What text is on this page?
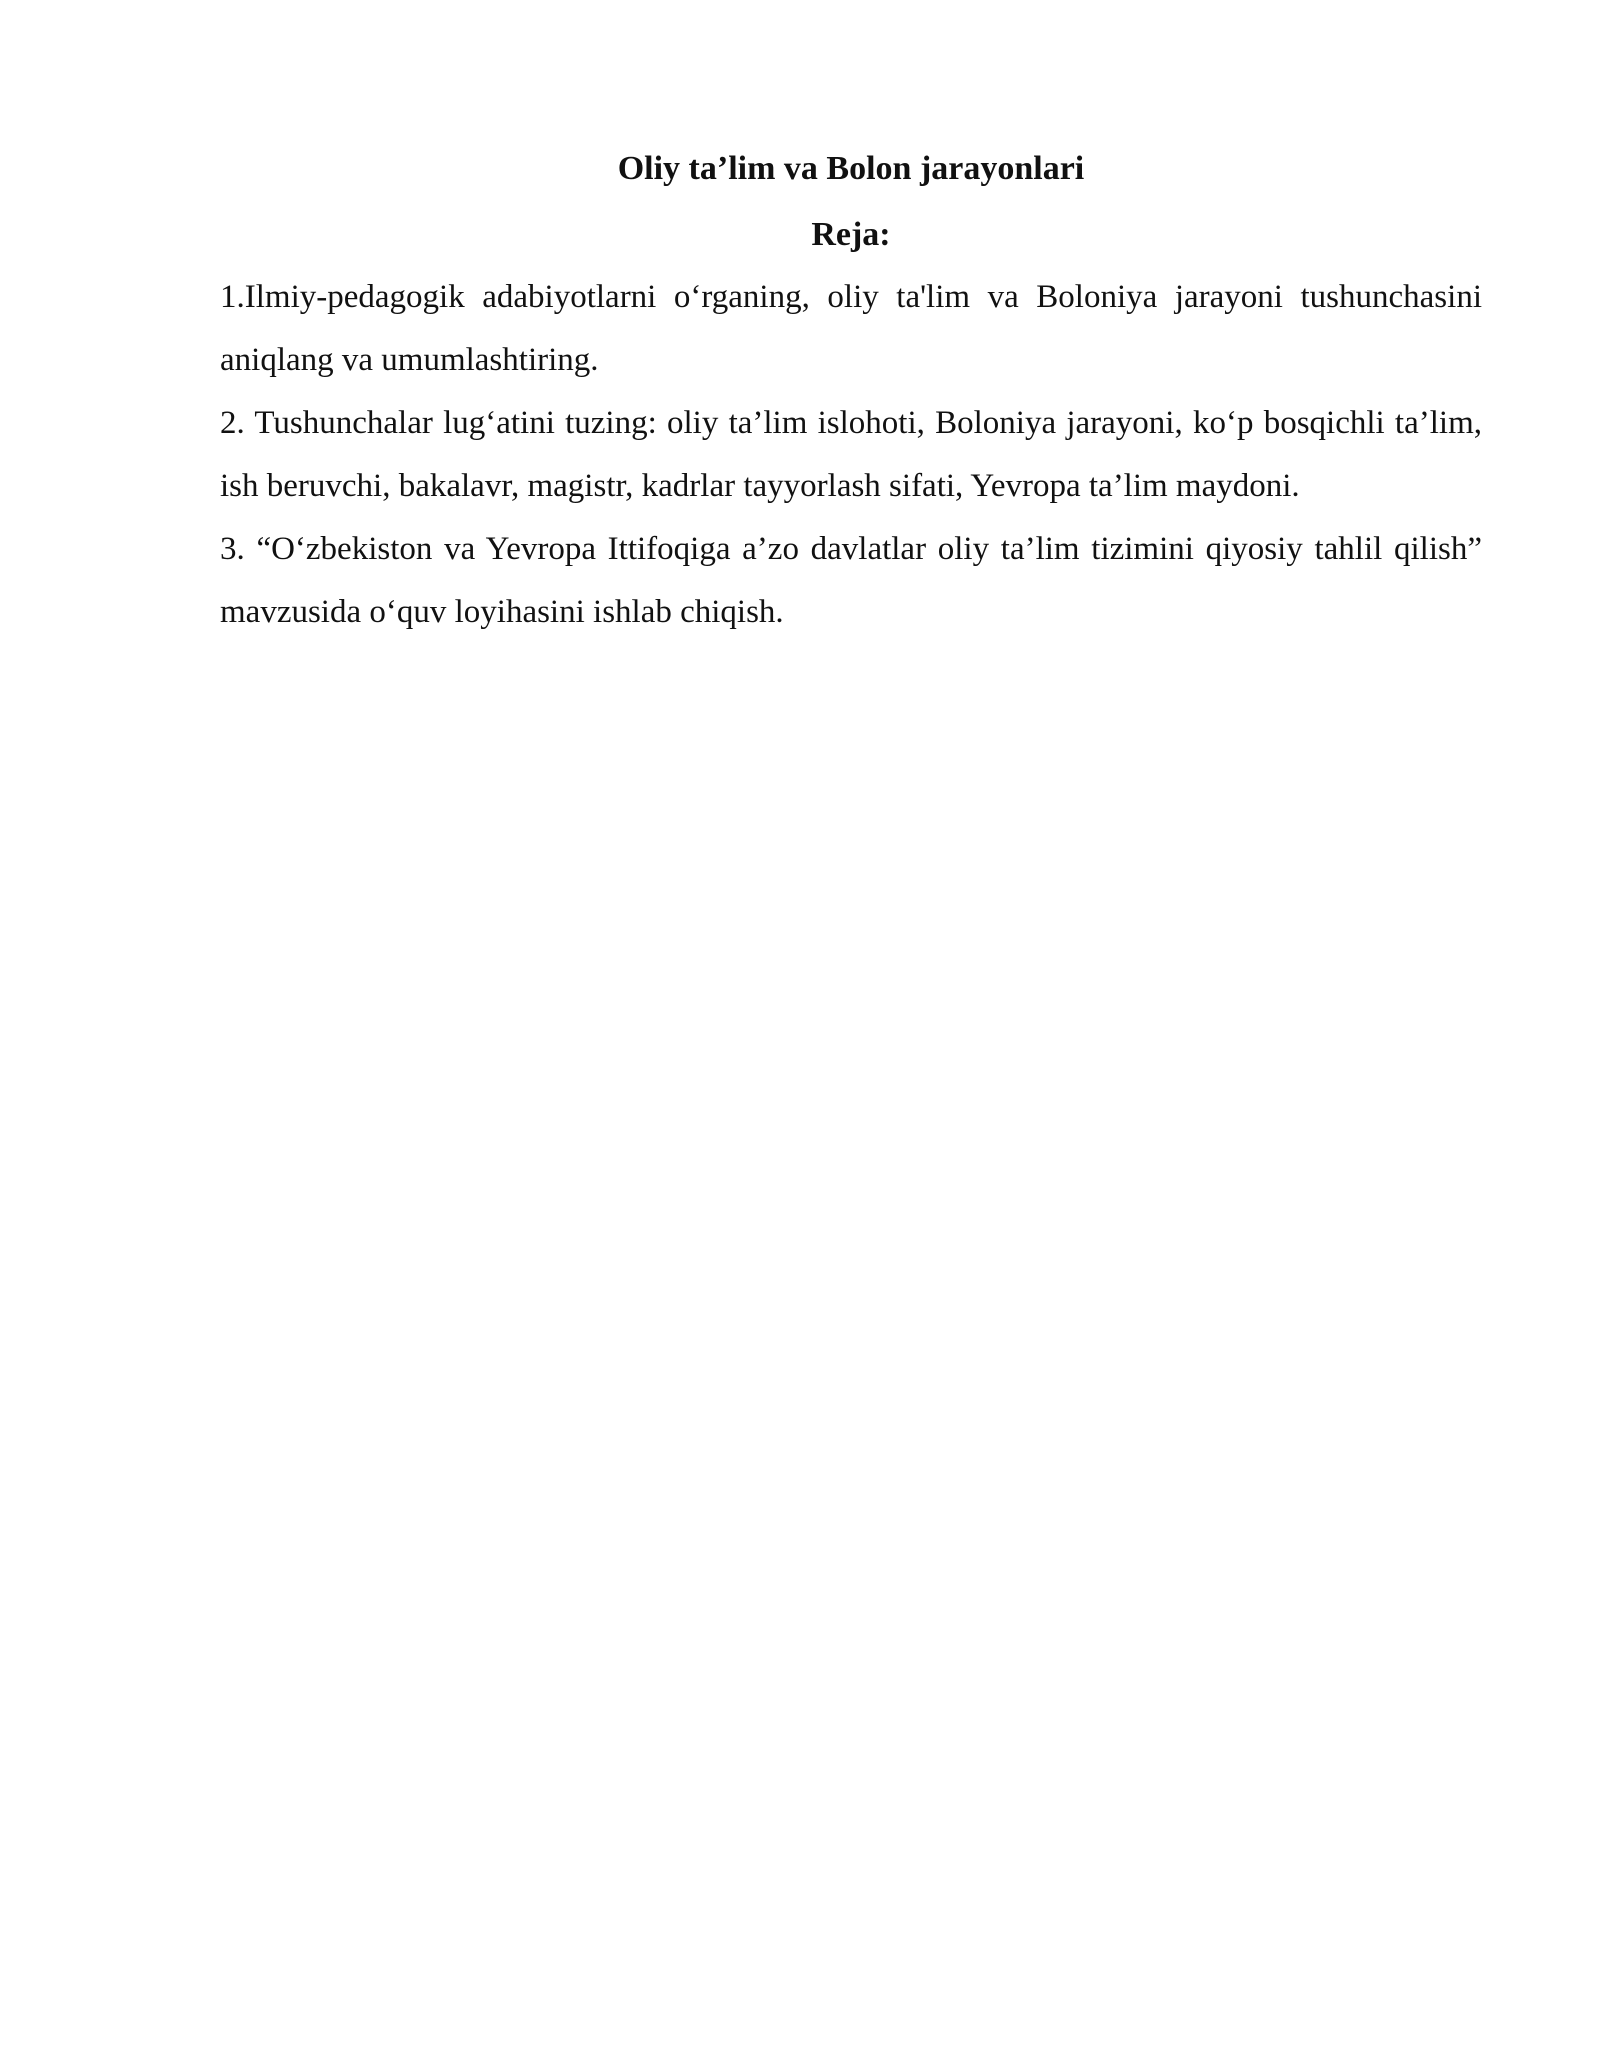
Oliy ta’lim va Bolon jarayonlari
Reja:
1.Ilmiy-pedagogik adabiyotlarni o‘rganing, oliy ta'lim va Boloniya jarayoni tushunchasini aniqlang va umumlashtiring.
2. Tushunchalar lug‘atini tuzing: oliy ta’lim islohoti, Boloniya jarayoni, ko‘p bosqichli ta’lim, ish beruvchi, bakalavr, magistr, kadrlar tayyorlash sifati, Yevropa ta’lim maydoni.
3. “O‘zbekiston va Yevropa Ittifoqiga a’zo davlatlar oliy ta’lim tizimini qiyosiy tahlil qilish” mavzusida o‘quv loyihasini ishlab chiqish.
